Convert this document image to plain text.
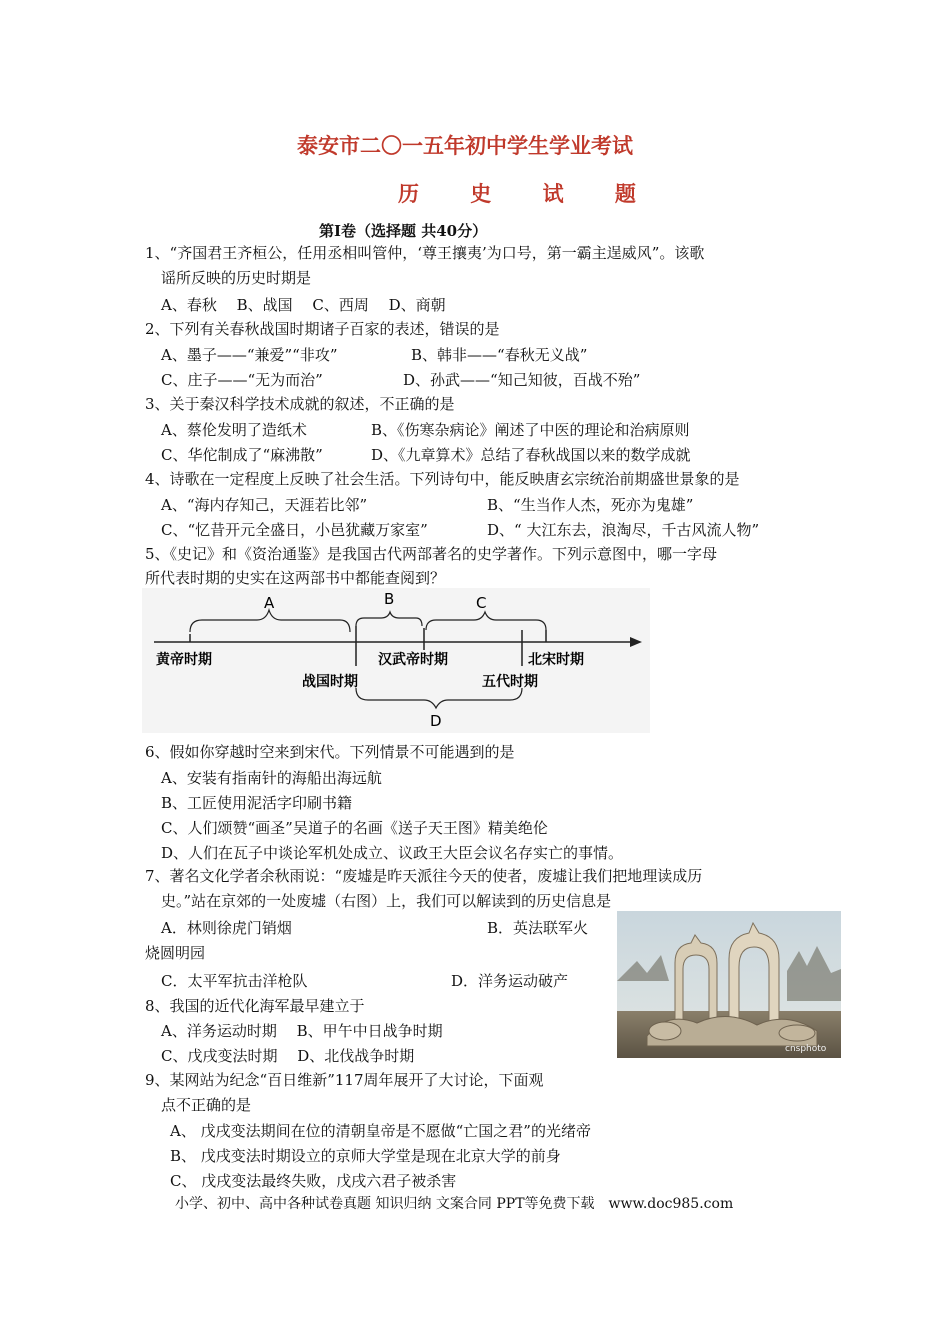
泰安市二〇一五年初中学生学业考试
历 史 试 题
第Ⅰ卷（选择题 共40分）
1、“齐国君王齐桓公，任用丞相叫管仲，‘尊王攘夷’为口号，第一霸主逞威风”。该歌
谣所反映的历史时期是
A、春秋　 B、战国　 C、西周　 D、商朝
2、下列有关春秋战国时期诸子百家的表述，错误的是
A、墨子——“兼爱”“非攻”	B、韩非——“春秋无义战”
C、庄子——“无为而治”	D、孙武——“知己知彼，百战不殆”
3、关于秦汉科学技术成就的叙述，不正确的是
A、蔡伦发明了造纸术	B、《伤寒杂病论》阐述了中医的理论和治病原则
C、华佗制成了“麻沸散”	D、《九章算术》总结了春秋战国以来的数学成就
4、诗歌在一定程度上反映了社会生活。下列诗句中，能反映唐玄宗统治前期盛世景象的是
A、“海内存知己，天涯若比邻”	B、“生当作人杰，死亦为鬼雄”
C、“忆昔开元全盛日，小邑犹藏万家室”	D、“ 大江东去，浪淘尽，千古风流人物”
5、《史记》和《资治通鉴》是我国古代两部著名的史学著作。下列示意图中，哪一字母
所代表时期的史实在这两部书中都能查阅到？
A	B	C
D
黄帝时期
战国时期
汉武帝时期
五代时期
北宋时期
6、假如你穿越时空来到宋代。下列情景不可能遇到的是
A、安装有指南针的海船出海远航
B、工匠使用泥活字印刷书籍
C、人们颂赞“画圣”吴道子的名画《送子天王图》精美绝伦
D、人们在瓦子中谈论军机处成立、议政王大臣会议名存实亡的事情。
7、著名文化学者余秋雨说：“废墟是昨天派往今天的使者，废墟让我们把地理读成历
史。”站在京郊的一处废墟（右图）上，我们可以解读到的历史信息是
A．林则徐虎门销烟	B．英法联军火
烧圆明园
C．太平军抗击洋枪队	D．洋务运动破产
cnsphoto
8、我国的近代化海军最早建立于
A、洋务运动时期　 B、甲午中日战争时期
C、戊戌变法时期　 D、北伐战争时期
9、某网站为纪念“百日维新”117周年展开了大讨论，下面观
点不正确的是
A、 戊戌变法期间在位的清朝皇帝是不愿做“亡国之君”的光绪帝
B、 戊戌变法时期设立的京师大学堂是现在北京大学的前身
C、 戊戌变法最终失败，戊戌六君子被杀害
小学、初中、高中各种试卷真题 知识归纳 文案合同 PPT等免费下载　www.doc985.com
